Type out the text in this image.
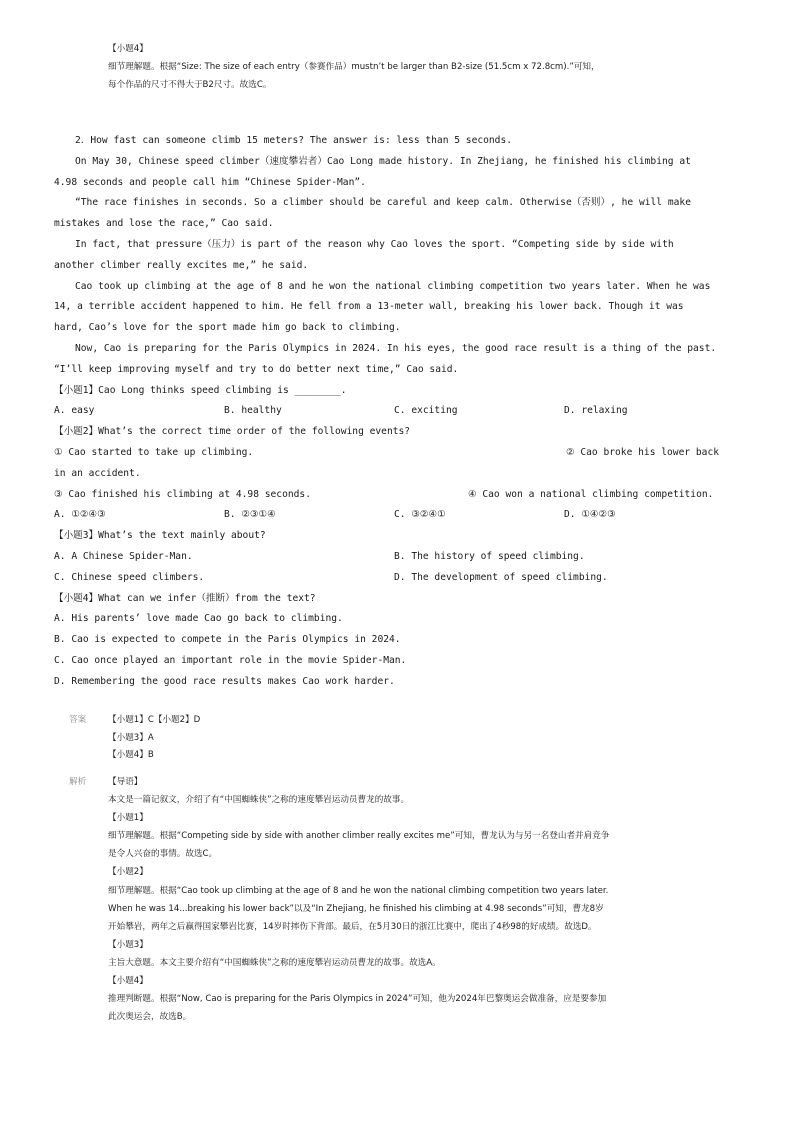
【小题4】
细节理解题。根据“Size: The size of each entry（参赛作品）mustn’t be larger than B2-size (51.5cm x 72.8cm).”可知，
每个作品的尺寸不得大于B2尺寸。故选C。
2．How fast can someone climb 15 meters? The answer is: less than 5 seconds.
On May 30, Chinese speed climber（速度攀岩者）Cao Long made history. In Zhejiang, he finished his climbing at
4.98 seconds and people call him “Chinese Spider-Man”.
“The race finishes in seconds. So a climber should be careful and keep calm. Otherwise（否则）, he will make
mistakes and lose the race,” Cao said.
In fact, that pressure（压力）is part of the reason why Cao loves the sport. “Competing side by side with
another climber really excites me,” he said.
Cao took up climbing at the age of 8 and he won the national climbing competition two years later. When he was
14, a terrible accident happened to him. He fell from a 13-meter wall, breaking his lower back. Though it was
hard, Cao’s love for the sport made him go back to climbing.
Now, Cao is preparing for the Paris Olympics in 2024. In his eyes, the good race result is a thing of the past.
“I’ll keep improving myself and try to do better next time,” Cao said.
【小题1】Cao Long thinks speed climbing is ________.
A. easy	B. healthy	C. exciting	D. relaxing
【小题2】What’s the correct time order of the following events?
① Cao started to take up climbing.	② Cao broke his lower back
in an accident.
③ Cao finished his climbing at 4.98 seconds.	④ Cao won a national climbing competition.
A. ①②④③	B. ②③①④	C. ③②④①	D. ①④②③
【小题3】What’s the text mainly about?
A. A Chinese Spider-Man.	B. The history of speed climbing.
C. Chinese speed climbers.	D. The development of speed climbing.
【小题4】What can we infer（推断）from the text?
A. His parents’ love made Cao go back to climbing.
B. Cao is expected to compete in the Paris Olympics in 2024.
C. Cao once played an important role in the movie Spider-Man.
D. Remembering the good race results makes Cao work harder.
答案	【小题1】C【小题2】D
【小题3】A
【小题4】B
解析	【导语】
本文是一篇记叙文，介绍了有“中国蜘蛛侠”之称的速度攀岩运动员曹龙的故事。
【小题1】
细节理解题。根据“Competing side by side with another climber really excites me”可知，曹龙认为与另一名登山者并肩竞争
是令人兴奋的事情。故选C。
【小题2】
细节理解题。根据“Cao took up climbing at the age of 8 and he won the national climbing competition two years later.
When he was 14...breaking his lower back”以及“In Zhejiang, he finished his climbing at 4.98 seconds”可知，曹龙8岁
开始攀岩，两年之后赢得国家攀岩比赛，14岁时摔伤下背部。最后，在5月30日的浙江比赛中，爬出了4秒98的好成绩。故选D。
【小题3】
主旨大意题。本文主要介绍有“中国蜘蛛侠”之称的速度攀岩运动员曹龙的故事。故选A。
【小题4】
推理判断题。根据“Now, Cao is preparing for the Paris Olympics in 2024”可知，他为2024年巴黎奥运会做准备，应是要参加
此次奥运会，故选B。
